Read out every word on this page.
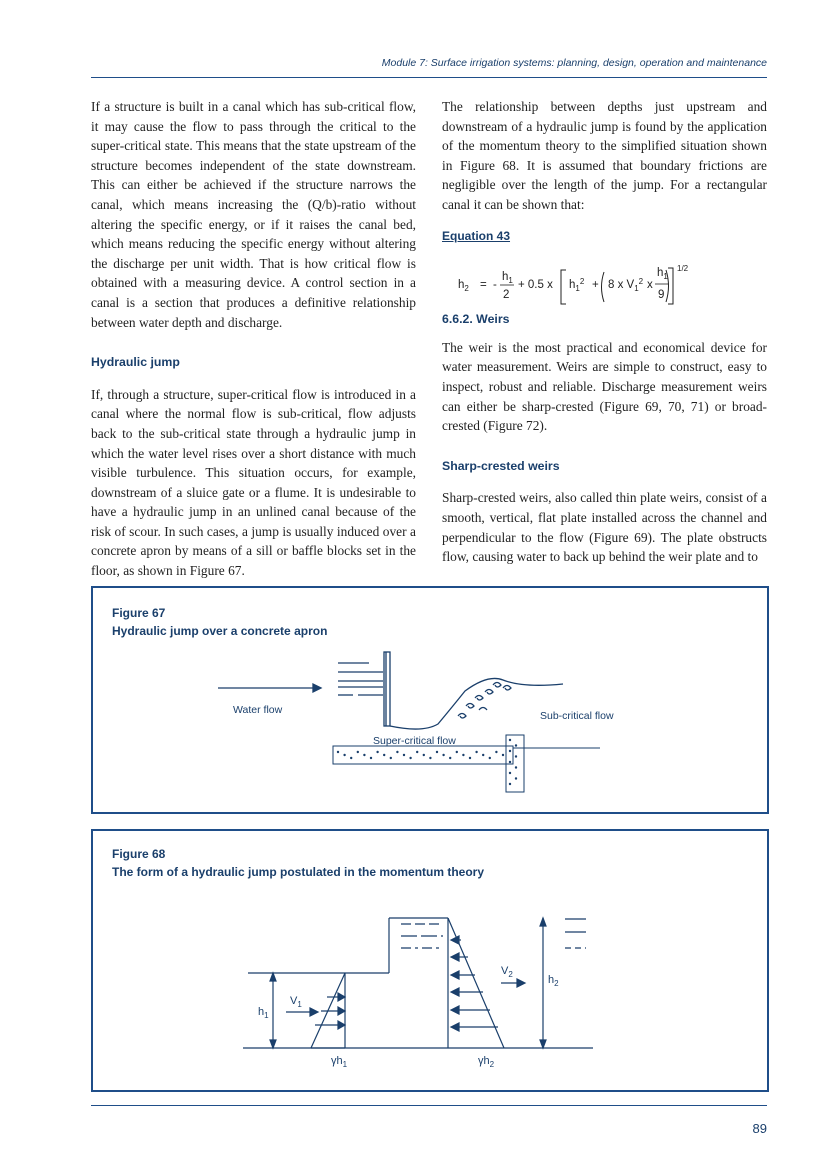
Module 7: Surface irrigation systems: planning, design, operation and maintenance

If a structure is built in a canal which has sub-critical flow, it may cause the flow to pass through the critical to the super-critical state. This means that the state upstream of the structure becomes independent of the state downstream. This can either be achieved if the structure narrows the canal, which means increasing the (Q/b)-ratio without altering the specific energy, or if it raises the canal bed, which means reducing the specific energy without altering the discharge per unit width. That is how critical flow is obtained with a measuring device. A control section in a canal is a section that produces a definitive relationship between water depth and discharge.

Hydraulic jump

If, through a structure, super-critical flow is introduced in a canal where the normal flow is sub-critical, flow adjusts back to the sub-critical state through a hydraulic jump in which the water level rises over a short distance with much visible turbulence. This situation occurs, for example, downstream of a sluice gate or a flume. It is undesirable to have a hydraulic jump in an unlined canal because of the risk of scour. In such cases, a jump is usually induced over a concrete apron by means of a sill or baffle blocks set in the floor, as shown in Figure 67.

The relationship between depths just upstream and downstream of a hydraulic jump is found by the application of the momentum theory to the simplified situation shown in Figure 68. It is assumed that boundary frictions are negligible over the length of the jump. For a rectangular canal it can be shown that:

Equation 43

$h_2$ = -
$h_1$
2
+ 0.5 x $h_1^2 + 8$ x $V_1^2$ x
$h_1$
9
1/2

6.6.2. Weirs

The weir is the most practical and economical device for water measurement. Weirs are simple to construct, easy to inspect, robust and reliable. Discharge measurement weirs can either be sharp-crested (Figure 69, 70, 71) or broad-crested (Figure 72).

Sharp-crested weirs

Sharp-crested weirs, also called thin plate weirs, consist of a smooth, vertical, flat plate installed across the channel and perpendicular to the flow (Figure 69). The plate obstructs flow, causing water to back up behind the weir plate and to

Figure 67
Hydraulic jump over a concrete apron
Water flow	Sub-critical flow
Super-critical flow
Figure 68
The form of a hydraulic jump postulated in the momentum theory
$h_1$
$V_1$
$V_2$	$h_2$
$\gamma h_1$	$\gamma h_2$
89
